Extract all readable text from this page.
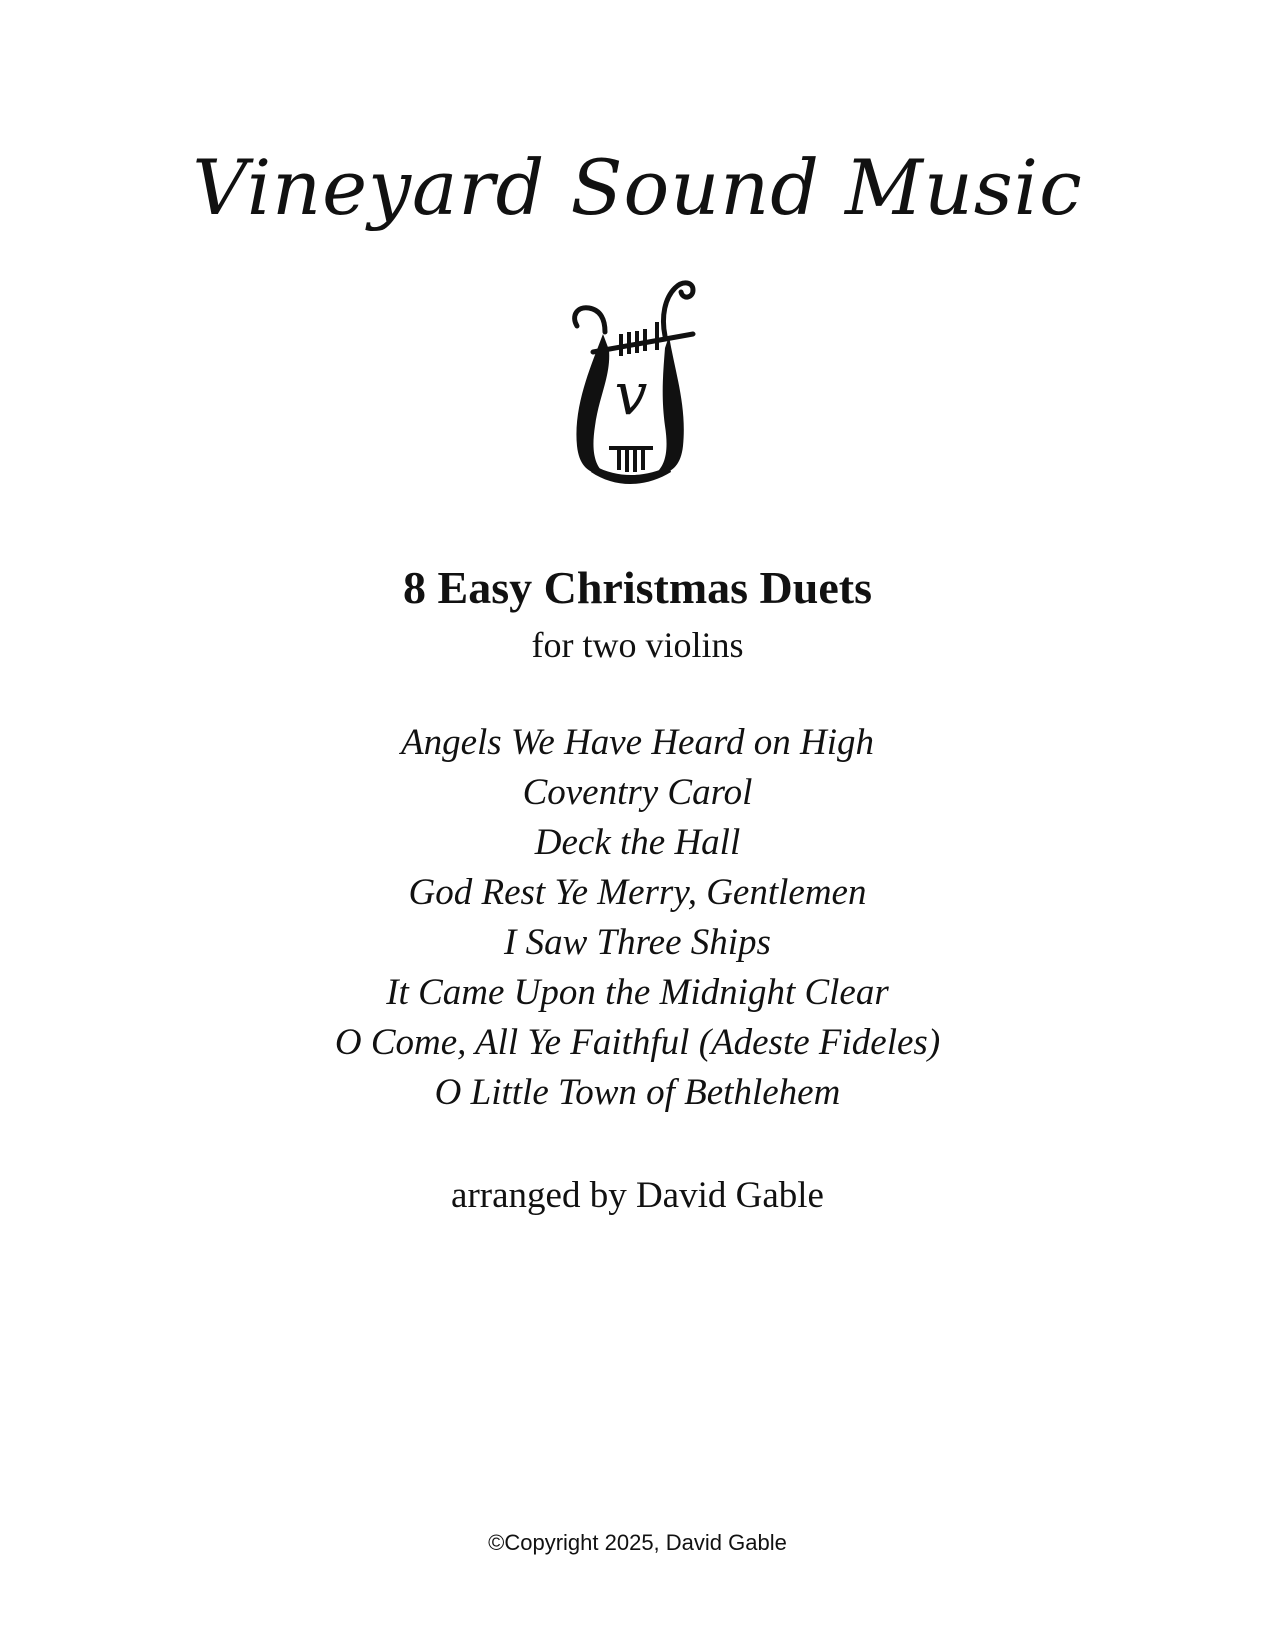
Vineyard Sound Music
v
8 Easy Christmas Duets
for two violins
Angels We Have Heard on High
Coventry Carol
Deck the Hall
God Rest Ye Merry, Gentlemen
I Saw Three Ships
It Came Upon the Midnight Clear
O Come, All Ye Faithful (Adeste Fideles)
O Little Town of Bethlehem
arranged by David Gable
©Copyright 2025, David Gable
